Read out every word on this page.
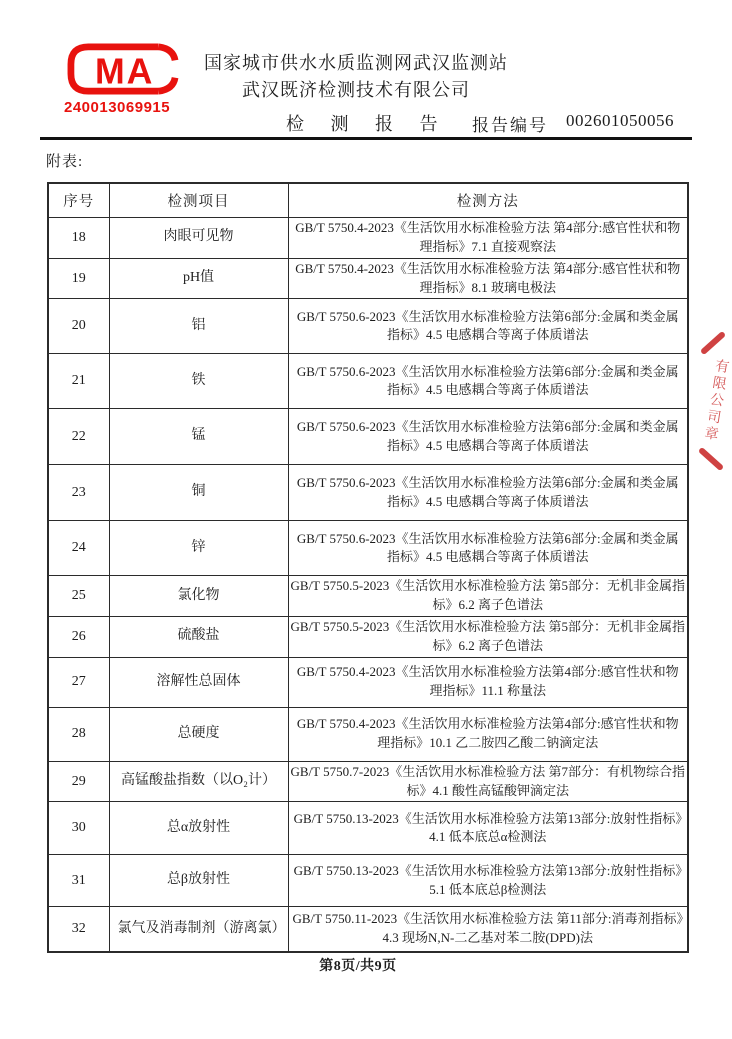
MA
240013069915
国家城市供水水质监测网武汉监测站
武汉既济检测技术有限公司
检 测 报 告 报告编号 002601050056
附表:
序号	检测项目	检测方法
18	肉眼可见物	GB/T 5750.4-2023《生活饮用水标准检验方法 第4部分:感官性状和物理指标》7.1 直接观察法
19	pH值	GB/T 5750.4-2023《生活饮用水标准检验方法 第4部分:感官性状和物理指标》8.1 玻璃电极法
20	铝	GB/T 5750.6-2023《生活饮用水标准检验方法第6部分:金属和类金属指标》4.5 电感耦合等离子体质谱法
21	铁	GB/T 5750.6-2023《生活饮用水标准检验方法第6部分:金属和类金属指标》4.5 电感耦合等离子体质谱法
22	锰	GB/T 5750.6-2023《生活饮用水标准检验方法第6部分:金属和类金属指标》4.5 电感耦合等离子体质谱法
23	铜	GB/T 5750.6-2023《生活饮用水标准检验方法第6部分:金属和类金属指标》4.5 电感耦合等离子体质谱法
24	锌	GB/T 5750.6-2023《生活饮用水标准检验方法第6部分:金属和类金属指标》4.5 电感耦合等离子体质谱法
25	氯化物	GB/T 5750.5-2023《生活饮用水标准检验方法 第5部分：无机非金属指标》6.2 离子色谱法
26	硫酸盐	GB/T 5750.5-2023《生活饮用水标准检验方法 第5部分：无机非金属指标》6.2 离子色谱法
27	溶解性总固体	GB/T 5750.4-2023《生活饮用水标准检验方法第4部分:感官性状和物理指标》11.1 称量法
28	总硬度	GB/T 5750.4-2023《生活饮用水标准检验方法第4部分:感官性状和物理指标》10.1 乙二胺四乙酸二钠滴定法
29	高锰酸盐指数（以O₂计）	GB/T 5750.7-2023《生活饮用水标准检验方法 第7部分：有机物综合指标》4.1 酸性高锰酸钾滴定法
30	总α放射性	GB/T 5750.13-2023《生活饮用水标准检验方法第13部分:放射性指标》4.1 低本底总α检测法
31	总β放射性	GB/T 5750.13-2023《生活饮用水标准检验方法第13部分:放射性指标》5.1 低本底总β检测法
32	氯气及消毒制剂（游离氯）	GB/T 5750.11-2023《生活饮用水标准检验方法 第11部分:消毒剂指标》4.3 现场N,N-二乙基对苯二胺(DPD)法
有限公司章
第8页/共9页
